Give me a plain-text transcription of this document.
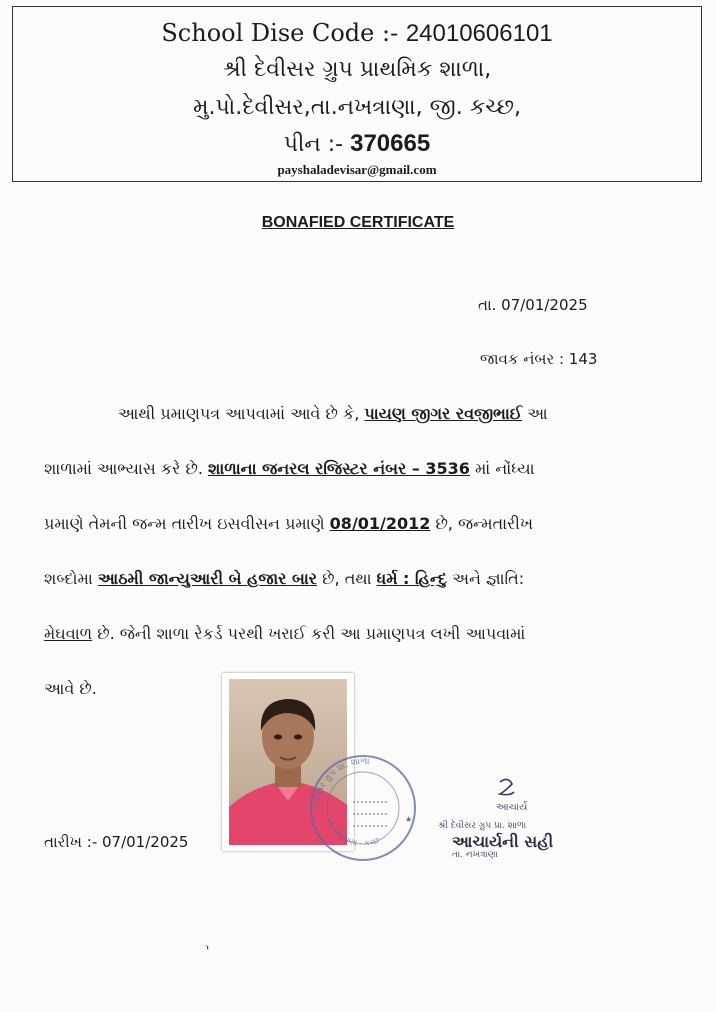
School Dise Code :- 24010606101
શ્રી દેવીસર ગ્રુપ પ્રાથમિક શાળા,
મુ.પો.દેવીસર,તા.નખત્રાણા, જી. કચ્છ,
પીન :- 370665
payshaladevisar@gmail.com
BONAFIED CERTIFICATE
તા. 07/01/2025
જાવક નંબર : 143
આથી પ્રમાણપત્ર આપવામાં આવે છે કે, પાયણ જીગર રવજીભાઈ આ
શાળામાં આભ્યાસ કરે છે. શાળાના જનરલ રજિસ્ટર નંબર – 3536 માં નોંધ્યા
પ્રમાણે તેમની જન્મ તારીખ ઇસવીસન પ્રમાણે 08/01/2012 છે, જન્મતારીખ
શબ્દોમા આઠમી જાન્યુઆરી બે હજાર બાર છે, તથા ધર્મ : હિન્દુ અને જ્ઞાતિ:
મેઘવાળ છે. જેની શાળા રેકર્ડ પરથી ખરાઈ કરી આ પ્રમાણપત્ર લખી આપવામાં
આવે છે.
દેવીસર ગ્રુપ પ્રા. શાળા
તા. નખત્રાણા - કચ્છ
★
આચાર્ય
શ્રી દેવીસર ગ્રુપ પ્રા. શાળા
આચાર્યની સહી
તા. નખત્રાણા
તારીખ :- 07/01/2025
ׄ'
